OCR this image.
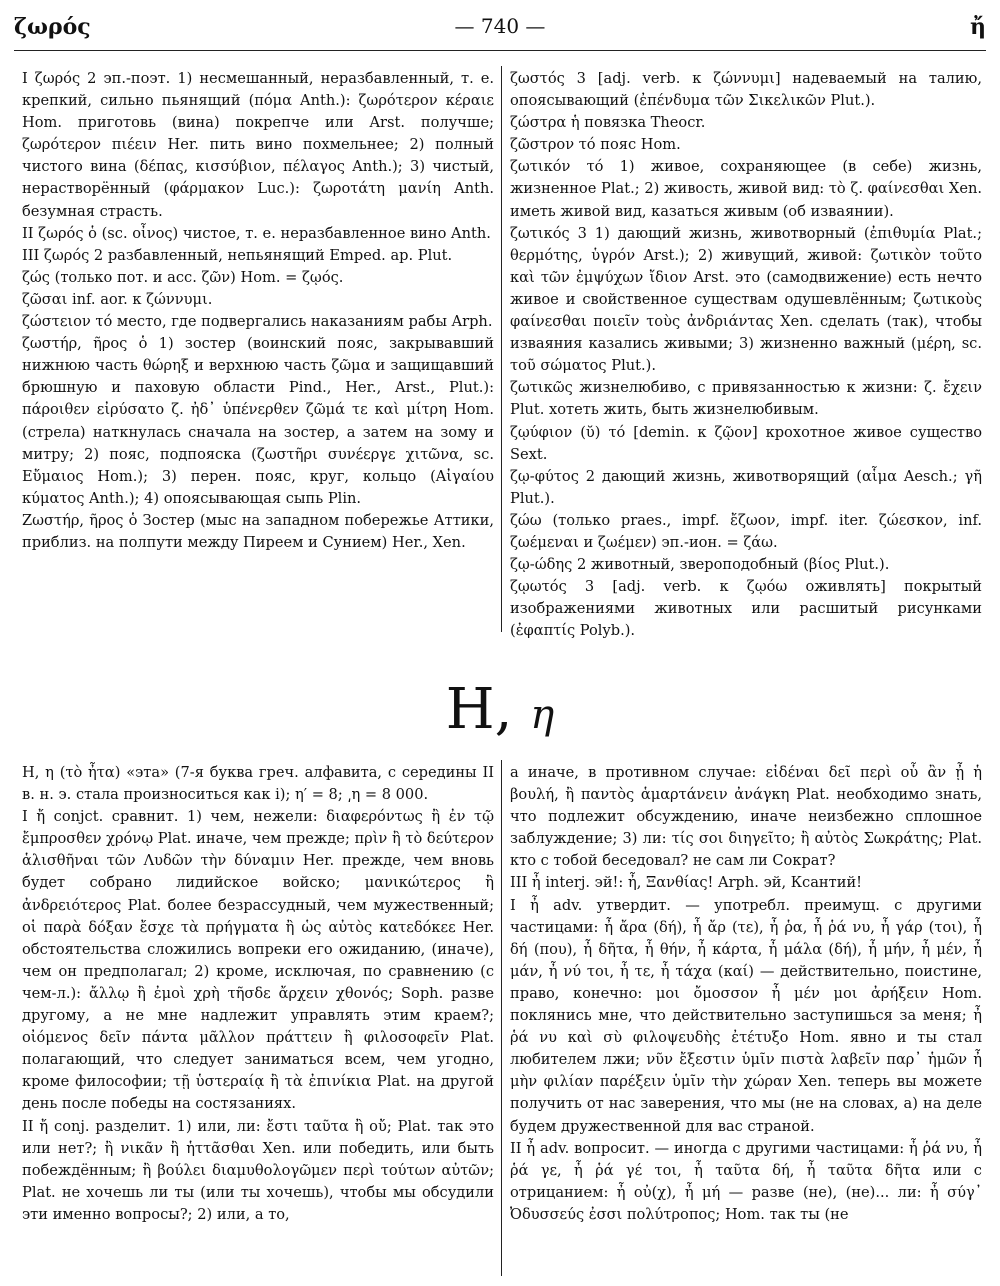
ζωρός	— 740 —	ἤ

I ζωρός 2 эп.-поэт. 1) несмешанный, неразбавленный, т. е. крепкий, сильно пьянящий (πόμα Anth.): ζωρότερον κέραιε Hom. приготовь (вина) покрепче или Arst. получше; ζωρότερον πιέειν Her. пить вино похмельнее; 2) полный чистого вина (δέπας, κισσύβιον, πέλαγος Anth.); 3) чистый, нерастворённый (φάρμακον Luc.): ζωροτάτη μανίη Anth. безумная страсть.

II ζωρός ὁ (sc. οἶνος) чистое, т. е. неразбавленное вино Anth.

III ζωρός 2 разбавленный, непьянящий Emped. ap. Plut.

ζώς (только пот. и асс. ζῶν) Hom. = ζῳός.

ζῶσαι inf. aor. к ζώννυμι.

ζώστειον τό место, где подвергались наказаниям рабы Arph.

ζωστήρ, ῆρος ὁ 1) зостер (воинский пояс, закрывавший нижнюю часть θώρηξ и верхнюю часть ζῶμα и защищавший брюшную и паховую области Pind., Her., Arst., Plut.): πάροιθεν εἰρύσατο ζ. ἠδ᾽ ὑπένερθεν ζῶμά τε καὶ μίτρη Hom. (стрела) наткнулась сначала на зостер, а затем на зому и митру; 2) пояс, подпояска (ζωστῆρι συνέεργε χιτῶνα, sc. Εὔμαιος Hom.); 3) перен. пояс, круг, кольцо (Αἰγαίου κύματος Anth.); 4) опоясывающая сыпь Plin.

Ζωστήρ, ῆρος ὁ Зостер (мыс на западном побережье Аттики, приблиз. на полпути между Пиреем и Сунием) Her., Xen.

ζωστός 3 [adj. verb. к ζώννυμι] надеваемый на талию, опоясывающий (ἐπένδυμα τῶν Σικελικῶν Plut.).

ζώστρα ἡ повязка Theocr.

ζῶστρον τό пояс Hom.

ζωτικόν τό 1) живое, сохраняющее (в себе) жизнь, жизненное Plat.; 2) живость, живой вид: τὸ ζ. φαίνεσθαι Xen. иметь живой вид, казаться живым (об изваянии).

ζωτικός 3 1) дающий жизнь, животворный (ἐπιθυμία Plat.; θερμότης, ὑγρόν Arst.); 2) живущий, живой: ζωτικὸν τοῦτο καὶ τῶν ἐμψύχων ἴδιον Arst. это (самодвижение) есть нечто живое и свойственное существам одушевлённым; ζωτικοὺς φαίνεσθαι ποιεῖν τοὺς ἀνδριάντας Xen. сделать (так), чтобы изваяния казались живыми; 3) жизненно важный (μέρη, sc. τοῦ σώματος Plut.).

ζωτικῶς жизнелюбиво, с привязанностью к жизни: ζ. ἔχειν Plut. хотеть жить, быть жизнелюбивым.

ζῳύφιον (ῠ) τό [demin. к ζῷον] крохотное живое существо Sext.

ζῳ-φύτος 2 дающий жизнь, животворящий (αἷμα Aesch.; γῆ Plut.).

ζώω (только praes., impf. ἔζωον, impf. iter. ζώεσκον, inf. ζωέμεναι и ζωέμεν) эп.-ион. = ζάω.

ζῳ-ώδης 2 животный, звероподобный (βίος Plut.).

ζῳωτός 3 [adj. verb. к ζῳόω оживлять] покрытый изображениями животных или расшитый рисунками (ἐφαπτίς Polyb.).

Η, η

Η, η (τὸ ἦτα) «эта» (7-я буква греч. алфавита, с середины II в. н. э. стала произноситься как i); η′ = 8; ͵η = 8 000.

I ἤ conjct. сравнит. 1) чем, нежели: διαφερόντως ἢ ἐν τῷ ἔμπροσθεν χρόνῳ Plat. иначе, чем прежде; πρὶν ἢ τὸ δεύτερον ἁλισθῆναι τῶν Λυδῶν τὴν δύναμιν Her. прежде, чем вновь будет собрано лидийское войско; μανικώτερος ἢ ἀνδρειότερος Plat. более безрассудный, чем мужественный; οἱ παρὰ δόξαν ἔσχε τὰ πρήγματα ἢ ὡς αὐτὸς κατεδόκεε Her. обстоятельства сложились вопреки его ожиданию, (иначе), чем он предполагал; 2) кроме, исключая, по сравнению (с чем-л.): ἄλλῳ ἢ ἐμοὶ χρὴ τῆσδε ἄρχειν χθονός; Soph. разве другому, а не мне надлежит управлять этим краем?; οἰόμενος δεῖν πάντα μᾶλλον πράττειν ἢ φιλοσοφεῖν Plat. полагающий, что следует заниматься всем, чем угодно, кроме философии; τῇ ὑστεραίᾳ ἢ τὰ ἐπινίκια Plat. на другой день после победы на состязаниях.

II ἤ conj. разделит. 1) или, ли: ἔστι ταῦτα ἢ οὔ; Plat. так это или нет?; ἢ νικᾶν ἢ ἡττᾶσθαι Xen. или победить, или быть побеждённым; ἢ βούλει διαμυθολογῶμεν περὶ τούτων αὐτῶν; Plat. не хочешь ли ты (или ты хочешь), чтобы мы обсудили эти именно вопросы?; 2) или, а то,

а иначе, в противном случае: εἰδέναι δεῖ περὶ οὗ ἂν ᾖ ἡ βουλή, ἢ παντὸς ἁμαρτάνειν ἀνάγκη Plat. необходимо знать, что подлежит обсуждению, иначе неизбежно сплошное заблуждение; 3) ли: τίς σοι διηγεῖτο; ἢ αὐτὸς Σωκράτης; Plat. кто с тобой беседовал? не сам ли Сократ?

III ἦ interj. эй!: ἦ, Ξανθίας! Arph. эй, Ксантий!

I ἦ adv. утвердит. — употребл. преимущ. с другими частицами: ἦ ἄρα (δή), ἦ ἄρ (τε), ἦ ῥα, ἦ ῥά νυ, ἦ γάρ (τοι), ἦ δή (που), ἦ δῆτα, ἦ θήν, ἦ κάρτα, ἦ μάλα (δή), ἦ μήν, ἦ μέν, ἦ μάν, ἦ νύ τοι, ἦ τε, ἦ τάχα (καί) — действительно, поистине, право, конечно: μοι ὄμοσσον ἦ μέν μοι ἀρήξειν Hom. поклянись мне, что действительно заступишься за меня; ἦ ῥά νυ καὶ σὺ φιλοψευδὴς ἐτέτυξο Hom. явно и ты стал любителем лжи; νῦν ἔξεστιν ὑμῖν πιστὰ λαβεῖν παρ᾽ ἡμῶν ἦ μὴν φιλίαν παρέξειν ὑμῖν τὴν χώραν Xen. теперь вы можете получить от нас заверения, что мы (не на словах, а) на деле будем дружественной для вас страной.

II ἦ adv. вопросит. — иногда с другими частицами: ἦ ῥά νυ, ἦ ῥά γε, ἦ ῥά γέ τοι, ἦ ταῦτα δή, ἦ ταῦτα δῆτα или с отрицанием: ἦ οὐ(χ), ἦ μή — разве (не), (не)... ли: ἦ σύγ᾽ Ὀδυσσεύς ἐσσι πολύτροπος; Hom. так ты (не
